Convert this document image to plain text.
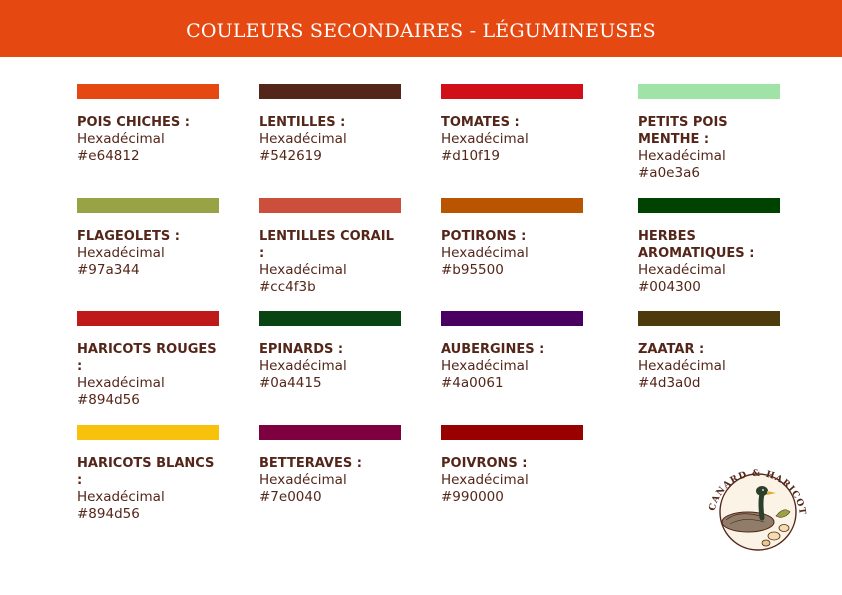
COULEURS SECONDAIRES - LÉGUMINEUSES
POIS CHICHES :
Hexadécimal
#e64812
LENTILLES :
Hexadécimal
#542619
TOMATES :
Hexadécimal
#d10f19
PETITS POIS MENTHE :
Hexadécimal
#a0e3a6
FLAGEOLETS :
Hexadécimal
#97a344
LENTILLES CORAIL :
Hexadécimal
#cc4f3b
POTIRONS :
Hexadécimal
#b95500
HERBES AROMATIQUES :
Hexadécimal
#004300
HARICOTS ROUGES :
Hexadécimal
#894d56
EPINARDS :
Hexadécimal
#0a4415
AUBERGINES :
Hexadécimal
#4a0061
ZAATAR :
Hexadécimal
#4d3a0d
HARICOTS BLANCS :
Hexadécimal
#894d56
BETTERAVES :
Hexadécimal
#7e0040
POIVRONS :
Hexadécimal
#990000
CANARD & HARICOT
